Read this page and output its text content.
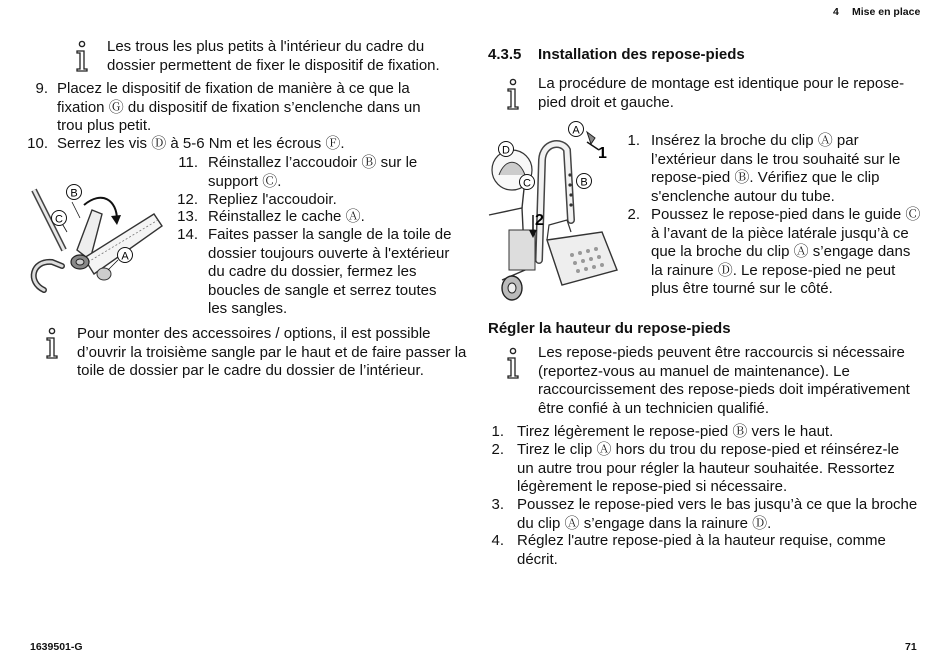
4 Mise en place
Les trous les plus petits à l'intérieur du cadre du dossier permettent de fixer le dispositif de fixation.
9. Placez le dispositif de fixation de manière à ce que la fixation Ⓖ du dispositif de fixation s’enclenche dans un trou plus petit.
10. Serrez les vis Ⓓ à 5-6 Nm et les écrous Ⓕ.
11. Réinstallez l’accoudoir Ⓑ sur le support Ⓒ.
12. Repliez l'accoudoir.
13. Réinstallez le cache Ⓐ.
14. Faites passer la sangle de la toile de dossier toujours ouverte à l'extérieur du cadre du dossier, fermez les boucles de sangle et serrez toutes les sangles.
B
C
A
Pour monter des accessoires / options, il est possible d’ouvrir la troisième sangle par le haut et de faire passer la toile de dossier par le cadre du dossier de l’intérieur.
4.3.5 Installation des repose-pieds
La procédure de montage est identique pour le repose-pied droit et gauche.
1
2
A
D
C	B
1. Insérez la broche du clip Ⓐ par l’extérieur dans le trou souhaité sur le repose-pied Ⓑ. Vérifiez que le clip s'enclenche autour du tube.
2. Poussez le repose-pied dans le guide Ⓒ à l’avant de la pièce latérale jusqu’à ce que la broche du clip Ⓐ s’engage dans la rainure Ⓓ. Le repose-pied ne peut plus être tourné sur le côté.
Régler la hauteur du repose-pieds
Les repose-pieds peuvent être raccourcis si nécessaire (reportez-vous au manuel de maintenance). Le raccourcissement des repose-pieds doit impérativement être confié à un technicien qualifié.
1. Tirez légèrement le repose-pied Ⓑ vers le haut.
2. Tirez le clip Ⓐ hors du trou du repose-pied et réinsérez-le un autre trou pour régler la hauteur souhaitée. Ressortez légèrement le repose-pied si nécessaire.
3. Poussez le repose-pied vers le bas jusqu’à ce que la broche du clip Ⓐ s’engage dans la rainure Ⓓ.
4. Réglez l'autre repose-pied à la hauteur requise, comme décrit.
1639501-G	71
